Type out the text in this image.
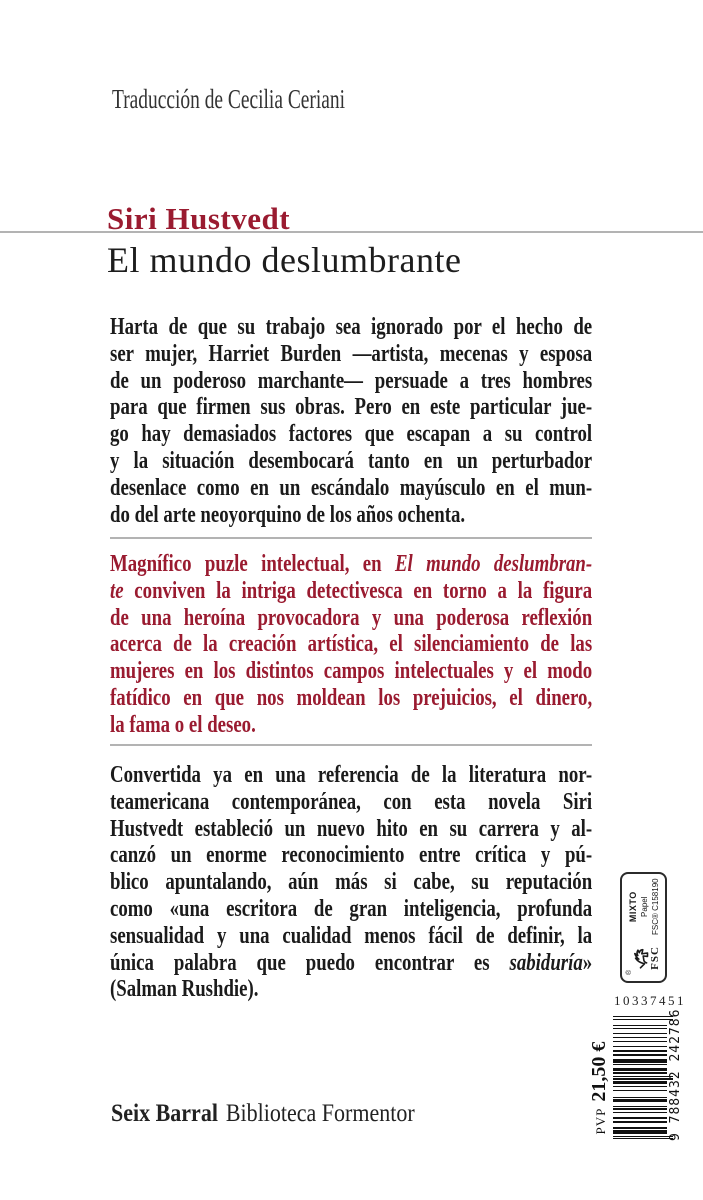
Traducción de Cecilia Ceriani
Siri Hustvedt
El mundo deslumbrante
Harta de que su trabajo sea ignorado por el hecho de
ser mujer, Harriet Burden —artista, mecenas y esposa
de un poderoso marchante— persuade a tres hombres
para que firmen sus obras. Pero en este particular jue-
go hay demasiados factores que escapan a su control
y la situación desembocará tanto en un perturbador
desenlace como en un escándalo mayúsculo en el mun-
do del arte neoyorquino de los años ochenta.
Magnífico puzle intelectual, en El mundo deslumbran-
te conviven la intriga detectivesca en torno a la figura
de una heroína provocadora y una poderosa reflexión
acerca de la creación artística, el silenciamiento de las
mujeres en los distintos campos intelectuales y el modo
fatídico en que nos moldean los prejuicios, el dinero,
la fama o el deseo.
Convertida ya en una referencia de la literatura nor-
teamericana contemporánea, con esta novela Siri
Hustvedt estableció un nuevo hito en su carrera y al-
canzó un enorme reconocimiento entre crítica y pú-
blico apuntalando, aún más si cabe, su reputación
como «una escritora de gran inteligencia, profunda
sensualidad y una cualidad menos fácil de definir, la
única palabra que puedo encontrar es sabiduría»
(Salman Rushdie).
®
FSC
MIXTO Papel FSC® C158190
10337451
9 788432 242786
PVP
21,50 €
Seix Barral Biblioteca Formentor
